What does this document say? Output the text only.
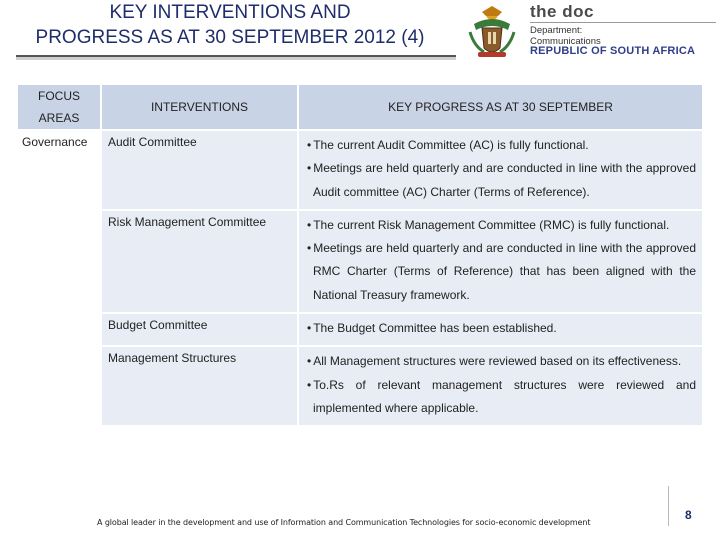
KEY INTERVENTIONS AND
PROGRESS AS AT 30 SEPTEMBER 2012 (4)
the doc
Department:
Communications
REPUBLIC OF SOUTH AFRICA
FOCUS
AREAS	INTERVENTIONS	KEY PROGRESS AS AT 30 SEPTEMBER
Governance	Audit Committee	• The current Audit Committee (AC) is fully functional.
• Meetings are held quarterly and are conducted in line with the approved Audit committee (AC) Charter (Terms of Reference).

	Risk Management Committee	• The current Risk Management Committee (RMC) is fully functional.
• Meetings are held quarterly and are conducted in line with the approved RMC Charter (Terms of Reference) that has been aligned with the National Treasury framework.

	Budget Committee	• The Budget Committee has been established.

	Management Structures	• All Management structures were reviewed based on its effectiveness.
• To.Rs of relevant management structures were reviewed and implemented where applicable.
8
A global leader in the development and use of Information and Communication Technologies for socio-economic development
